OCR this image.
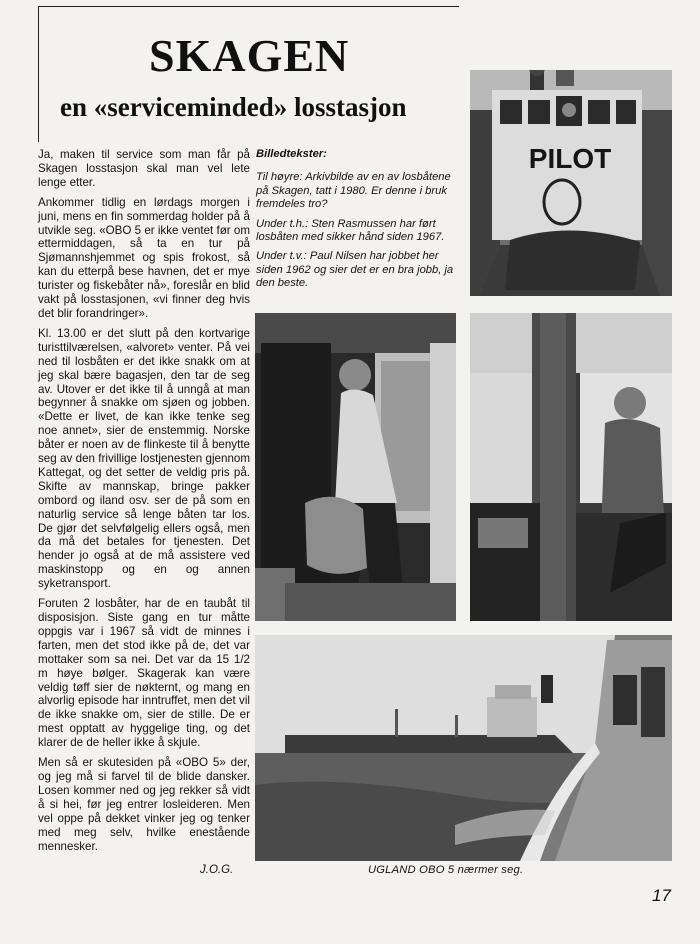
SKAGEN
en «serviceminded» losstasjon
PILOT

Billedtekster:

Til høyre: Arkivbilde av en av losbåtene på Skagen, tatt i 1980. Er denne i bruk fremdeles tro?

Under t.h.: Sten Rasmussen har ført losbåten med sikker hånd siden 1967.

Under t.v.: Paul Nilsen har jobbet her siden 1962 og sier det er en bra jobb, ja den beste.

Ja, maken til service som man får på Skagen losstasjon skal man vel lete lenge etter.

Ankommer tidlig en lørdags morgen i juni, mens en fin sommerdag holder på å utvikle seg. «OBO 5 er ikke ventet før om ettermiddagen, så ta en tur på Sjømannshjemmet og spis frokost, så kan du etterpå bese havnen, det er mye turister og fiskebåter nå», foreslår en blid vakt på losstasjonen, «vi finner deg hvis det blir forandringer».

Kl. 13.00 er det slutt på den kortvarige turisttilværelsen, «alvoret» venter. På vei ned til losbåten er det ikke snakk om at jeg skal bære bagasjen, den tar de seg av. Utover er det ikke til å unngå at man begynner å snakke om sjøen og jobben. «Dette er livet, de kan ikke tenke seg noe annet», sier de enstemmig. Norske båter er noen av de flinkeste til å benytte seg av den frivillige lostjenesten gjennom Kattegat, og det setter de veldig pris på. Skifte av mannskap, bringe pakker ombord og iland osv. ser de på som en naturlig service så lenge båten tar los. De gjør det selvfølgelig ellers også, men da må det betales for tjenesten. Det hender jo også at de må assistere ved maskinstopp og en og annen syketransport.

Foruten 2 losbåter, har de en taubåt til disposisjon. Siste gang en tur måtte oppgis var i 1967 så vidt de minnes i farten, men det stod ikke på de, det var mottaker som sa nei. Det var da 15 1/2 m høye bølger. Skagerak kan være veldig tøff sier de nøkternt, og mang en alvorlig episode har inntruffet, men det vil de ikke snakke om, sier de stille. De er mest opptatt av hyggelige ting, og det klarer de de heller ikke å skjule.

Men så er skutesiden på «OBO 5» der, og jeg må si farvel til de blide dansker. Losen kommer ned og jeg rekker så vidt å si hei, før jeg entrer losleideren. Men vel oppe på dekket vinker jeg og tenker med meg selv, hvilke enestående mennesker.

J.O.G.	UGLAND OBO 5 nærmer seg.
17
